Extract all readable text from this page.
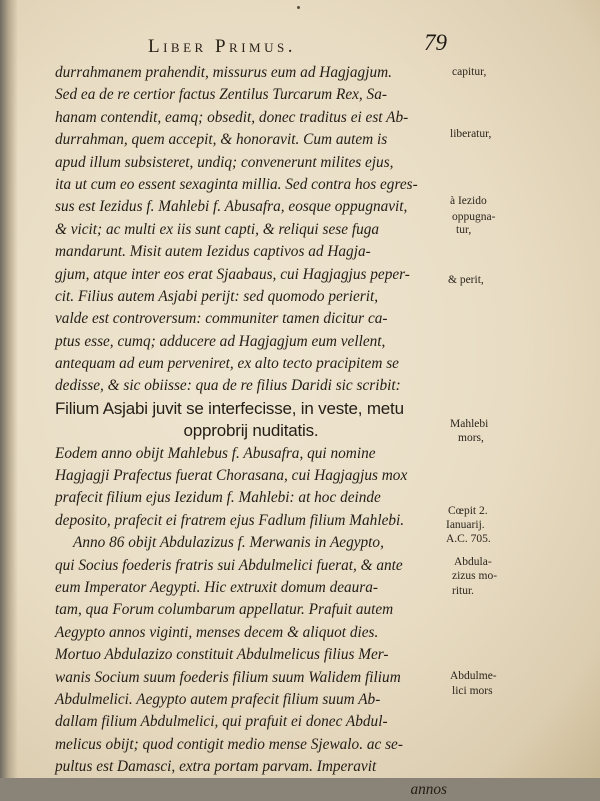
Liber Primus.	79
durrahmanem prahendit, missurus eum ad Hagjagjum.
Sed ea de re certior factus Zentilus Turcarum Rex, Sa-
hanam contendit, eamq; obsedit, donec traditus ei est Ab-
durrahman, quem accepit, & honoravit. Cum autem is
apud illum subsisteret, undiq; convenerunt milites ejus,
ita ut cum eo essent sexaginta millia. Sed contra hos egres-
sus est Iezidus f. Mahlebi f. Abusafra, eosque oppugnavit,
& vicit; ac multi ex iis sunt capti, & reliqui sese fuga
mandarunt. Misit autem Iezidus captivos ad Hagja-
gjum, atque inter eos erat Sjaabaus, cui Hagjagjus peper-
cit. Filius autem Asjabi perijt: sed quomodo perierit,
valde est controversum: communiter tamen dicitur ca-
ptus esse, cumq; adducere ad Hagjagjum eum vellent,
antequam ad eum perveniret, ex alto tecto pracipitem se
dedisse, & sic obiisse: qua de re filius Daridi sic scribit:
Filium Asjabi juvit se interfecisse, in veste, metu
opprobrij nuditatis.
Eodem anno obijt Mahlebus f. Abusafra, qui nomine
Hagjagji Prafectus fuerat Chorasana, cui Hagjagjus mox
prafecit filium ejus Iezidum f. Mahlebi: at hoc deinde
deposito, prafecit ei fratrem ejus Fadlum filium Mahlebi.
Anno 86 obijt Abdulazizus f. Merwanis in Aegypto,
qui Socius foederis fratris sui Abdulmelici fuerat, & ante
eum Imperator Aegypti. Hic extruxit domum deaura-
tam, qua Forum columbarum appellatur. Prafuit autem
Aegypto annos viginti, menses decem & aliquot dies.
Mortuo Abdulazizo constituit Abdulmelicus filius Mer-
wanis Socium suum foederis filium suum Walidem filium
Abdulmelici. Aegypto autem prafecit filium suum Ab-
dallam filium Abdulmelici, qui prafuit ei donec Abdul-
melicus obijt; quod contigit medio mense Sjewalo. ac se-
pultus est Damasci, extra portam parvam. Imperavit
annos
capitur,
liberatur,
à Iezido
oppugna-
tur,
& perit,
Mahlebi
mors,
Cœpit 2.
Ianuarij.
A.C. 705.
Abdula-
zizus mo-
ritur.
Abdulme-
lici mors
